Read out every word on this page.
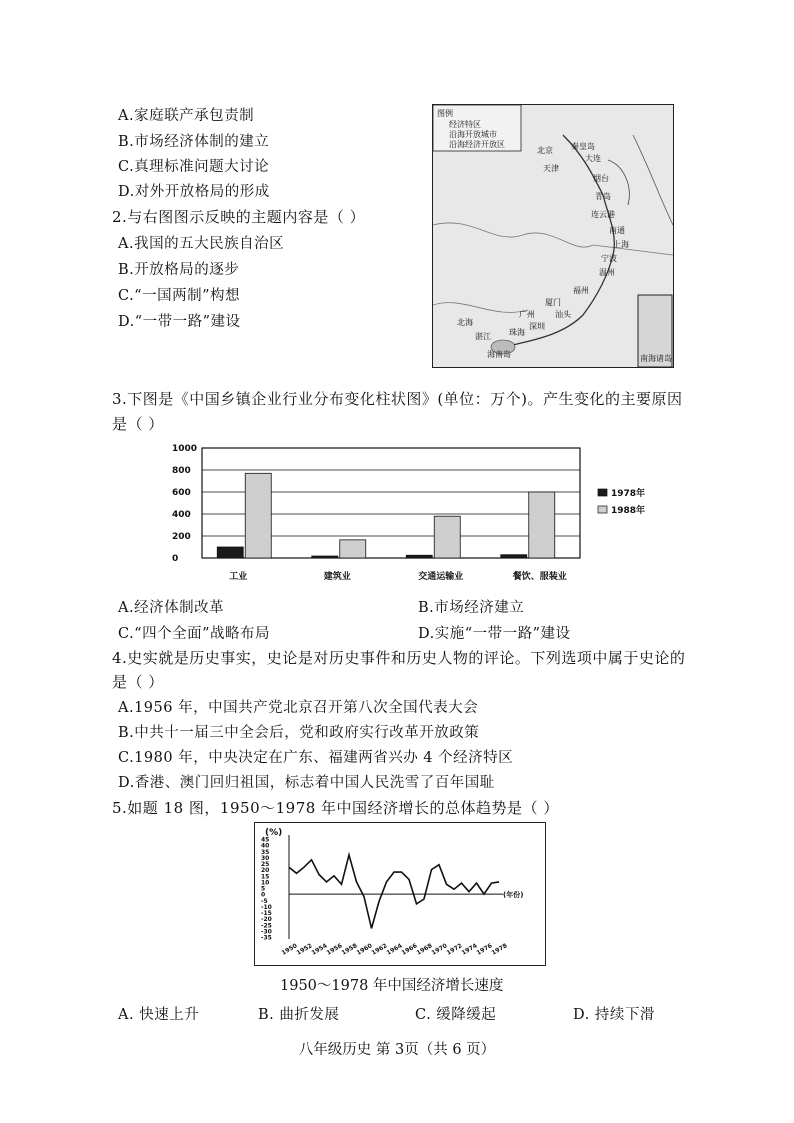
A.家庭联产承包责制
B.市场经济体制的建立
C.真理标准问题大讨论
D.对外开放格局的形成
2.与右图图示反映的主题内容是（ ）
A.我国的五大民族自治区
B.开放格局的逐步
C.“一国两制”构想
D.“一带一路”建设
图例
经济特区
沿海开放城市
沿海经济开放区
北京
天津
大连
秦皇岛
烟台
青岛
连云港
南通
上海
宁波
温州
福州
广州
湛江
北海	深圳
珠海
汕头
厦门
海南岛	南海诸岛
3.下图是《中国乡镇企业行业分布变化柱状图》(单位：万个)。产生变化的主要原因
是（ ）
0
200
400
600
800
1000
工业	建筑业	交通运输业	餐饮、服装业
1978年
1988年
A.经济体制改革	B.市场经济建立
C.“四个全面”战略布局	D.实施“一带一路”建设
4.史实就是历史事实，史论是对历史事件和历史人物的评论。下列选项中属于史论的
是（ ）
A.1956 年，中国共产党北京召开第八次全国代表大会
B.中共十一届三中全会后，党和政府实行改革开放政策
C.1980 年，中央决定在广东、福建两省兴办 4 个经济特区
D.香港、澳门回归祖国，标志着中国人民洗雪了百年国耻
5.如题 18 图，1950～1978 年中国经济增长的总体趋势是（ ）
(%)
45
40
35
30
25
20
15
10
5
0
-5
-10
-15
-20
-25
-30
-35
(年份)
1950
1952
1954
1956
1958
1960
1962
1964
1966
1968
1970
1972
1974
1976
1978
1950～1978 年中国经济增长速度
A. 快速上升	B. 曲折发展	C. 缓降缓起	D. 持续下滑
八年级历史 第 3页（共 6 页）
